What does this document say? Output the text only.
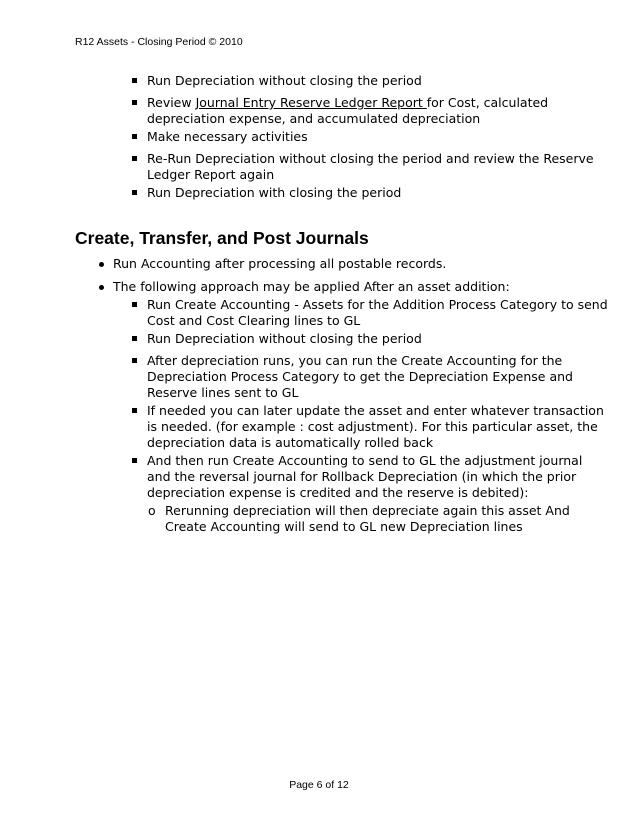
R12 Assets - Closing Period © 2010
Run Depreciation without closing the period
Review Journal Entry Reserve Ledger Report for Cost, calculated
depreciation expense, and accumulated depreciation
Make necessary activities
Re-Run Depreciation without closing the period and review the Reserve
Ledger Report again
Run Depreciation with closing the period
Create, Transfer, and Post Journals
Run Accounting after processing all postable records.
The following approach may be applied After an asset addition:
Run Create Accounting - Assets for the Addition Process Category to send
Cost and Cost Clearing lines to GL
Run Depreciation without closing the period
After depreciation runs, you can run the Create Accounting for the
Depreciation Process Category to get the Depreciation Expense and
Reserve lines sent to GL
If needed you can later update the asset and enter whatever transaction
is needed. (for example : cost adjustment). For this particular asset, the
depreciation data is automatically rolled back
And then run Create Accounting to send to GL the adjustment journal
and the reversal journal for Rollback Depreciation (in which the prior
depreciation expense is credited and the reserve is debited):
o Rerunning depreciation will then depreciate again this asset And
Create Accounting will send to GL new Depreciation lines
Page 6 of 12
